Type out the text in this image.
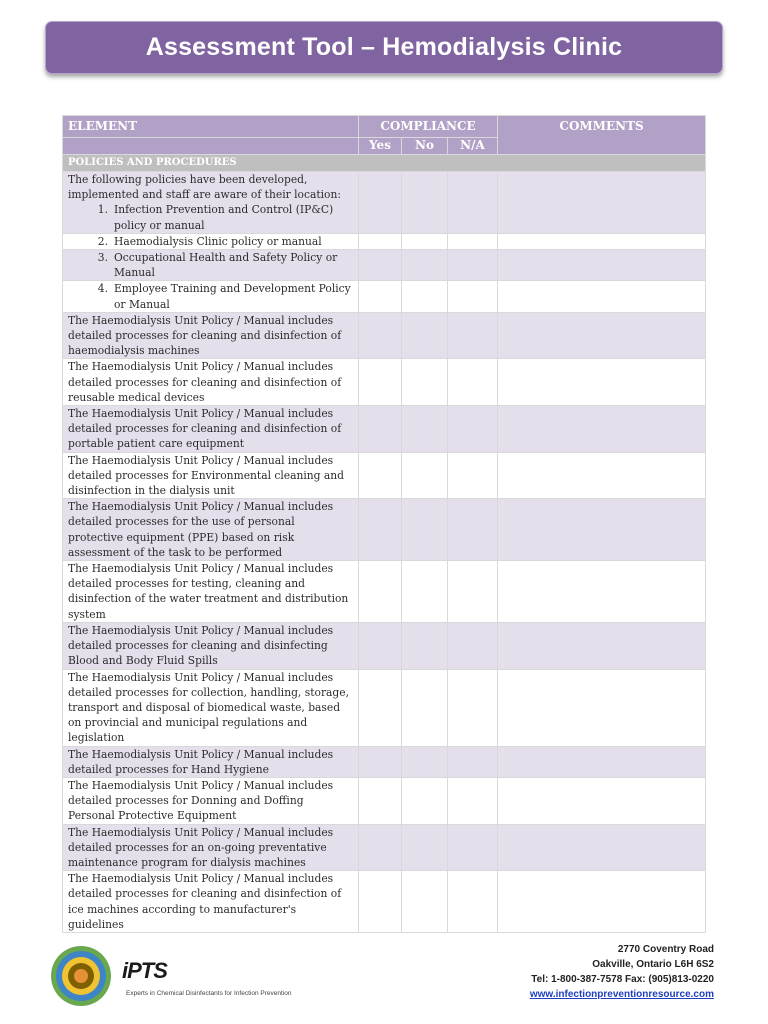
Assessment Tool – Hemodialysis Clinic
ELEMENT	COMPLIANCE			COMMENTS
	Yes	No	N/A	
POLICIES AND PROCEDURES				

The following policies have been developed, implemented and staff are aware of their location:
1. Infection Prevention and Control (IP&C) policy or manual				

2. Haemodialysis Clinic policy or manual				

3. Occupational Health and Safety Policy or Manual				

4. Employee Training and Development Policy or Manual				

The Haemodialysis Unit Policy / Manual includes detailed processes for cleaning and disinfection of haemodialysis machines				
The Haemodialysis Unit Policy / Manual includes detailed processes for cleaning and disinfection of reusable medical devices				
The Haemodialysis Unit Policy / Manual includes detailed processes for cleaning and disinfection of portable patient care equipment				
The Haemodialysis Unit Policy / Manual includes detailed processes for Environmental cleaning and disinfection in the dialysis unit				
The Haemodialysis Unit Policy / Manual includes detailed processes for the use of personal protective equipment (PPE) based on risk assessment of the task to be performed				
The Haemodialysis Unit Policy / Manual includes detailed processes for testing, cleaning and disinfection of the water treatment and distribution system				
The Haemodialysis Unit Policy / Manual includes detailed processes for cleaning and disinfecting Blood and Body Fluid Spills				
The Haemodialysis Unit Policy / Manual includes detailed processes for collection, handling, storage, transport and disposal of biomedical waste, based on provincial and municipal regulations and legislation				
The Haemodialysis Unit Policy / Manual includes detailed processes for Hand Hygiene				
The Haemodialysis Unit Policy / Manual includes detailed processes for Donning and Doffing Personal Protective Equipment				
The Haemodialysis Unit Policy / Manual includes detailed processes for an on-going preventative maintenance program for dialysis machines				
The Haemodialysis Unit Policy / Manual includes detailed processes for cleaning and disinfection of ice machines according to manufacturer's guidelines				
iPTS
Experts in Chemical Disinfectants for Infection Prevention
2770 Coventry Road
Oakville, Ontario L6H 6S2
Tel: 1-800-387-7578 Fax: (905)813-0220
www.infectionpreventionresource.com
